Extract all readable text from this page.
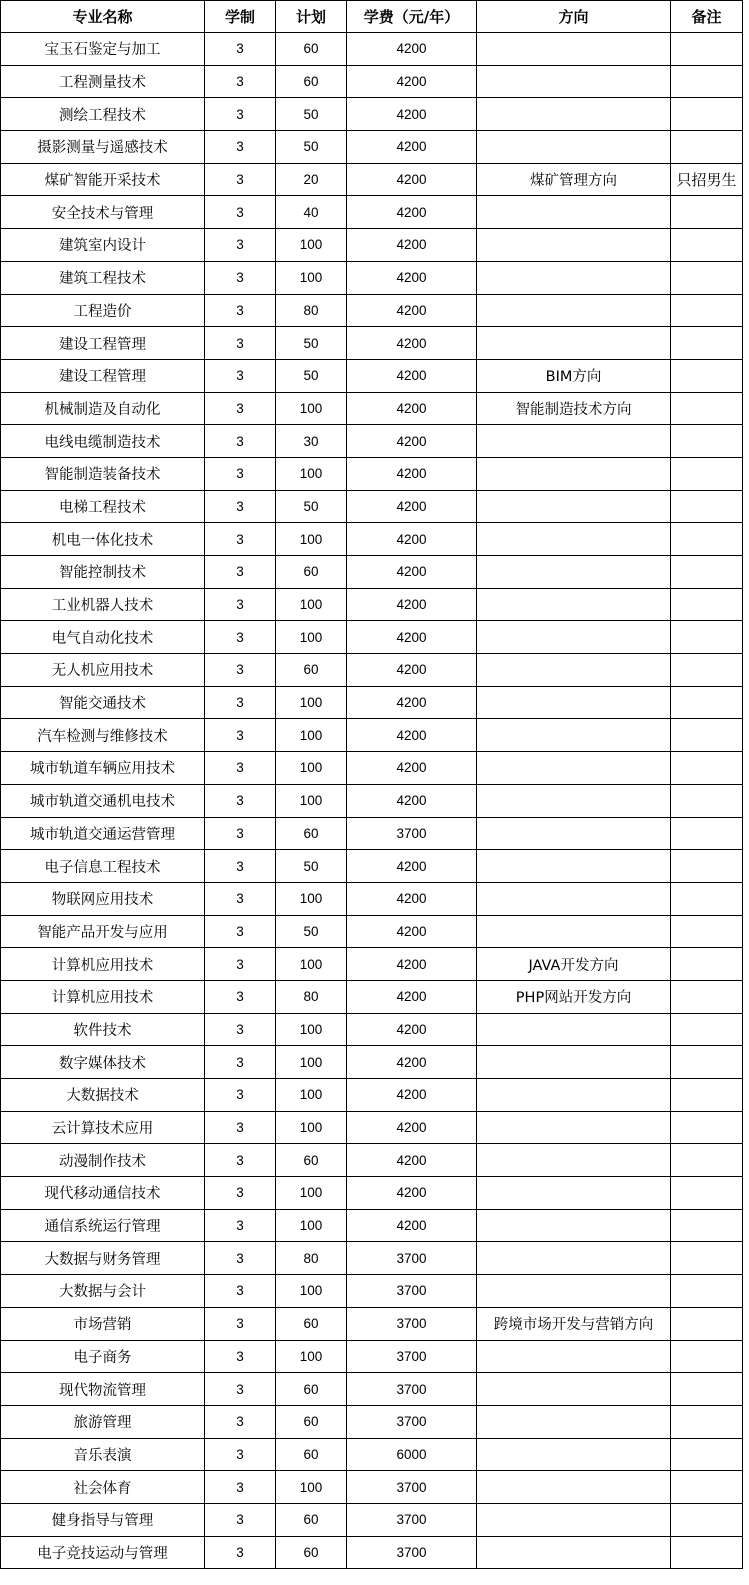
专业名称	学制	计划	学费（元/年）	方向	备注
宝玉石鉴定与加工	3	60	4200		
工程测量技术	3	60	4200		
测绘工程技术	3	50	4200		
摄影测量与遥感技术	3	50	4200		
煤矿智能开采技术	3	20	4200	煤矿管理方向	只招男生
安全技术与管理	3	40	4200		
建筑室内设计	3	100	4200		
建筑工程技术	3	100	4200		
工程造价	3	80	4200		
建设工程管理	3	50	4200		
建设工程管理	3	50	4200	BIM方向	
机械制造及自动化	3	100	4200	智能制造技术方向	
电线电缆制造技术	3	30	4200		
智能制造装备技术	3	100	4200		
电梯工程技术	3	50	4200		
机电一体化技术	3	100	4200		
智能控制技术	3	60	4200		
工业机器人技术	3	100	4200		
电气自动化技术	3	100	4200		
无人机应用技术	3	60	4200		
智能交通技术	3	100	4200		
汽车检测与维修技术	3	100	4200		
城市轨道车辆应用技术	3	100	4200		
城市轨道交通机电技术	3	100	4200		
城市轨道交通运营管理	3	60	3700		
电子信息工程技术	3	50	4200		
物联网应用技术	3	100	4200		
智能产品开发与应用	3	50	4200		
计算机应用技术	3	100	4200	JAVA开发方向	
计算机应用技术	3	80	4200	PHP网站开发方向	
软件技术	3	100	4200		
数字媒体技术	3	100	4200		
大数据技术	3	100	4200		
云计算技术应用	3	100	4200		
动漫制作技术	3	60	4200		
现代移动通信技术	3	100	4200		
通信系统运行管理	3	100	4200		
大数据与财务管理	3	80	3700		
大数据与会计	3	100	3700		
市场营销	3	60	3700	跨境市场开发与营销方向	
电子商务	3	100	3700		
现代物流管理	3	60	3700		
旅游管理	3	60	3700		
音乐表演	3	60	6000		
社会体育	3	100	3700		
健身指导与管理	3	60	3700		
电子竞技运动与管理	3	60	3700		
